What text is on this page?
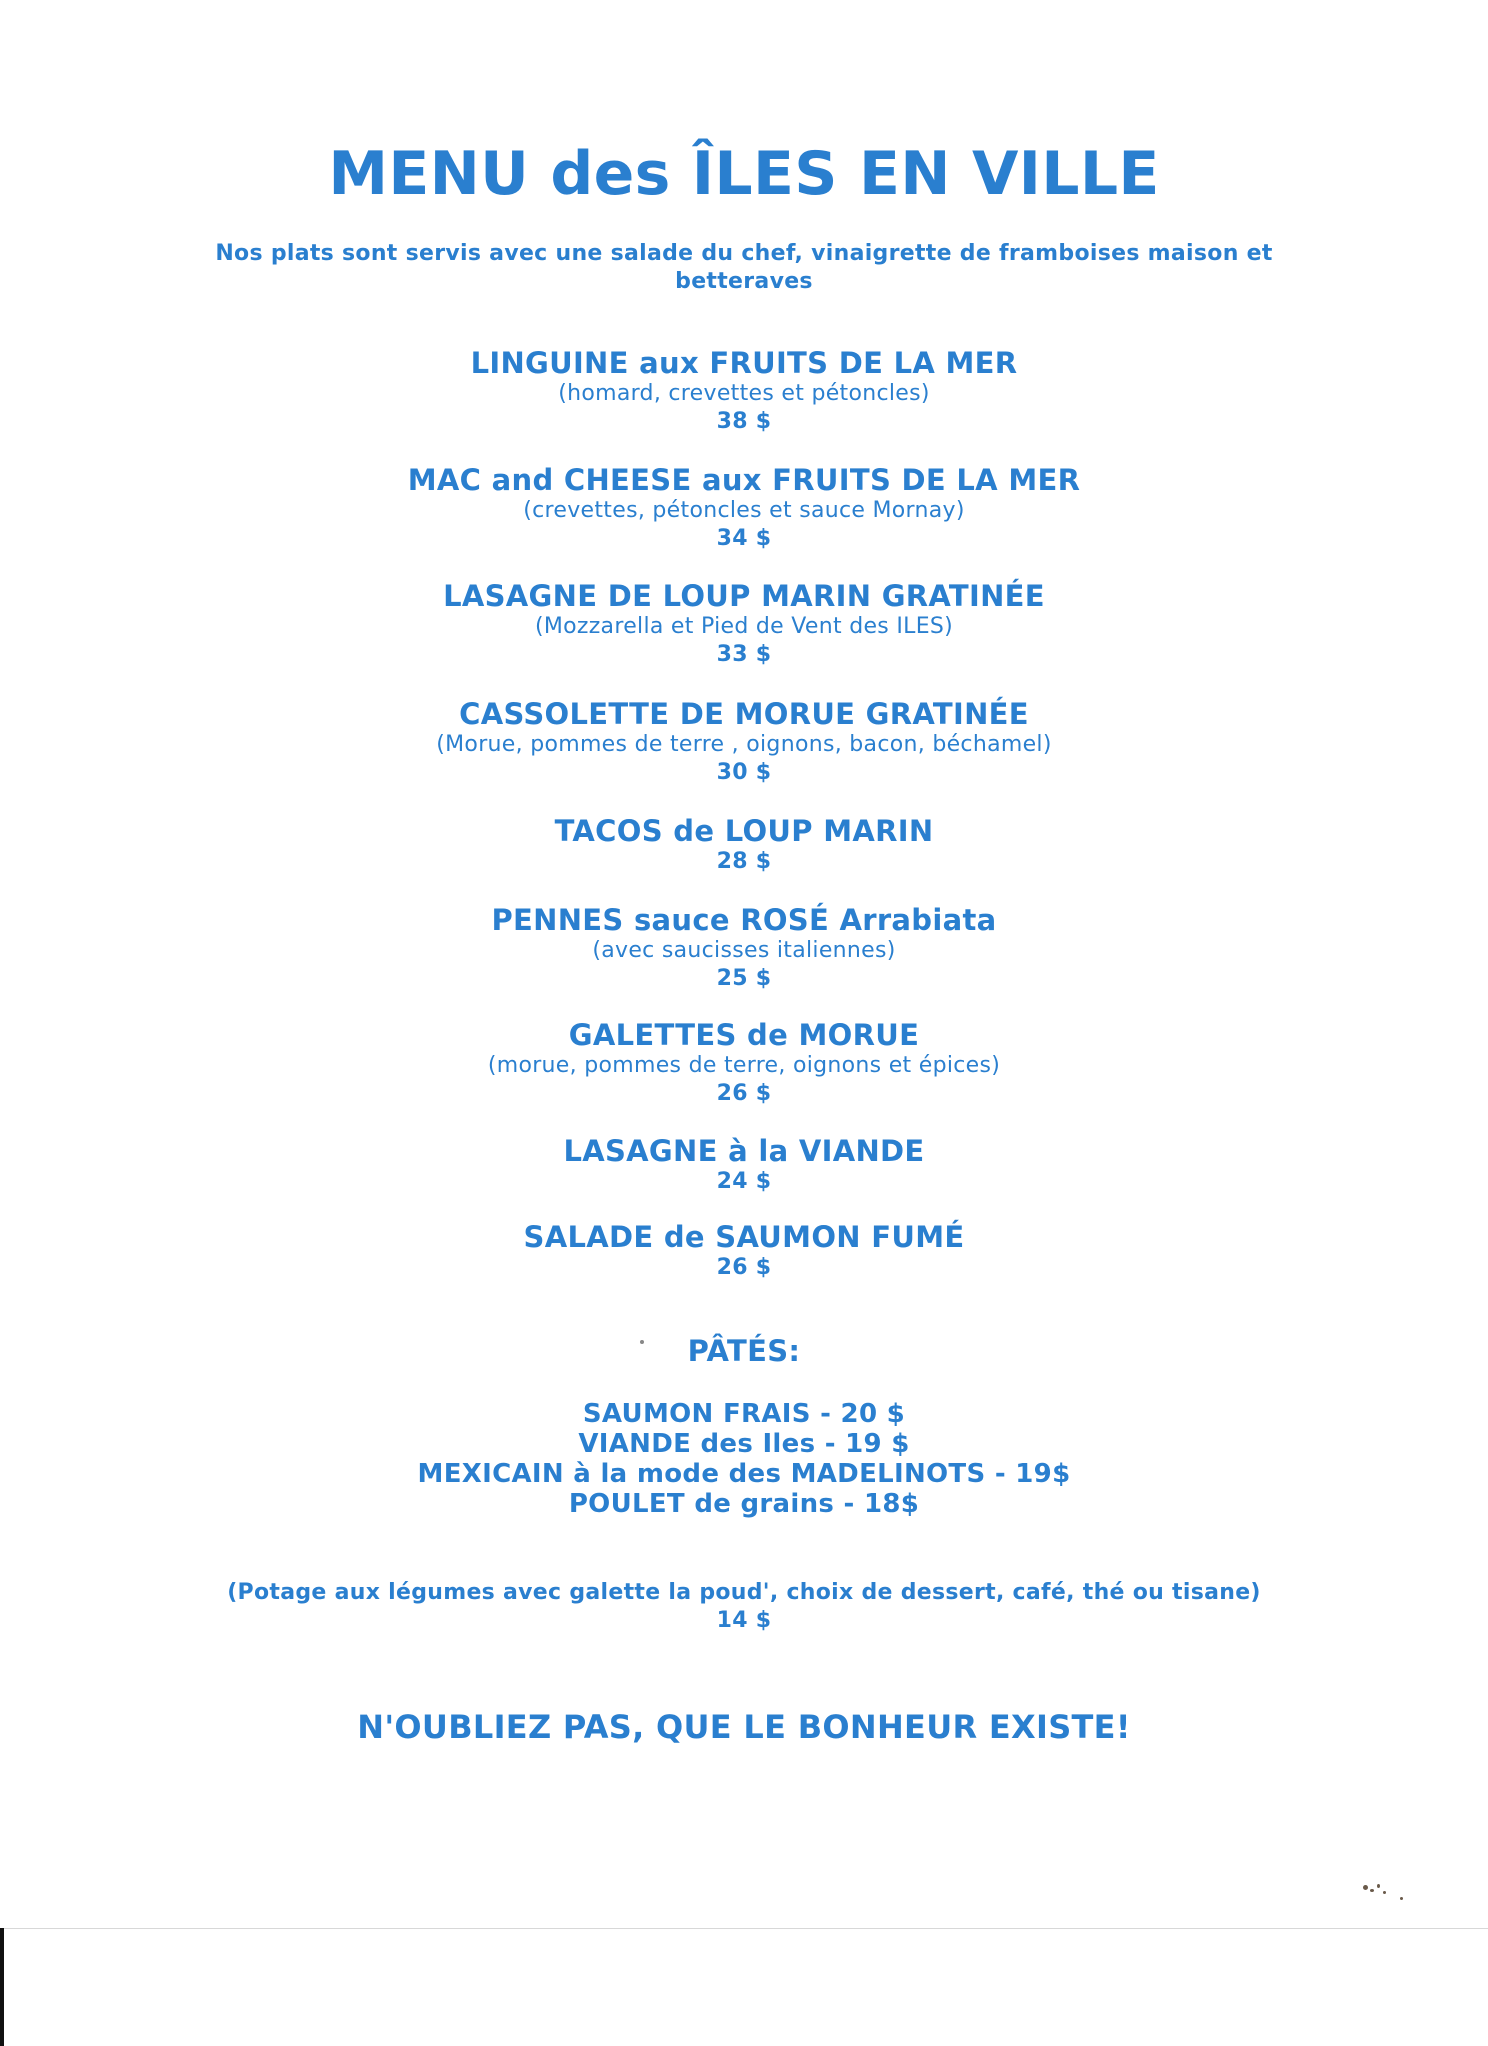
MENU des ÎLES EN VILLE
Nos plats sont servis avec une salade du chef, vinaigrette de framboises maison et
betteraves
LINGUINE aux FRUITS DE LA MER
(homard, crevettes et pétoncles)
38 $
MAC and CHEESE aux FRUITS DE LA MER
(crevettes, pétoncles et sauce Mornay)
34 $
LASAGNE DE LOUP MARIN GRATINÉE
(Mozzarella et Pied de Vent des ILES)
33 $
CASSOLETTE DE MORUE GRATINÉE
(Morue, pommes de terre , oignons, bacon, béchamel)
30 $
TACOS de LOUP MARIN
28 $
PENNES sauce ROSÉ Arrabiata
(avec saucisses italiennes)
25 $
GALETTES de MORUE
(morue, pommes de terre, oignons et épices)
26 $
LASAGNE à la VIANDE
24 $
SALADE de SAUMON FUMÉ
26 $
PÂTÉS:
SAUMON FRAIS - 20 $
VIANDE des Iles - 19 $
MEXICAIN à la mode des MADELINOTS - 19$
POULET de grains - 18$
(Potage aux légumes avec galette la poud', choix de dessert, café, thé ou tisane)
14 $
N'OUBLIEZ PAS, QUE LE BONHEUR EXISTE!
